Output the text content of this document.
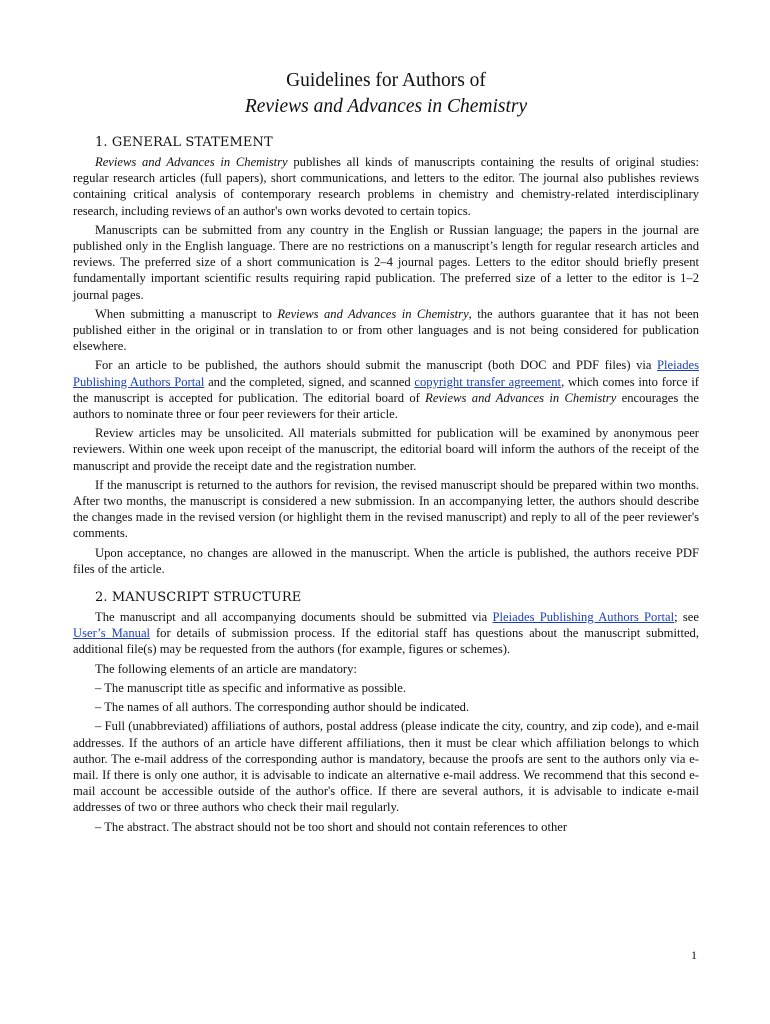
Guidelines for Authors of
Reviews and Advances in Chemistry
1. GENERAL STATEMENT

Reviews and Advances in Chemistry publishes all kinds of manuscripts containing the results of original studies: regular research articles (full papers), short communications, and letters to the editor. The journal also publishes reviews containing critical analysis of contemporary research problems in chemistry and chemistry-related interdisciplinary research, including reviews of an author's own works devoted to certain topics.

Manuscripts can be submitted from any country in the English or Russian language; the papers in the journal are published only in the English language. There are no restrictions on a manuscript’s length for regular research articles and reviews. The preferred size of a short communication is 2–4 journal pages. Letters to the editor should briefly present fundamentally important scientific results requiring rapid publication. The preferred size of a letter to the editor is 1–2 journal pages.

When submitting a manuscript to Reviews and Advances in Chemistry, the authors guarantee that it has not been published either in the original or in translation to or from other languages and is not being considered for publication elsewhere.

For an article to be published, the authors should submit the manuscript (both DOC and PDF files) via Pleiades Publishing Authors Portal and the completed, signed, and scanned copyright transfer agreement, which comes into force if the manuscript is accepted for publication. The editorial board of Reviews and Advances in Chemistry encourages the authors to nominate three or four peer reviewers for their article.

Review articles may be unsolicited. All materials submitted for publication will be examined by anonymous peer reviewers. Within one week upon receipt of the manuscript, the editorial board will inform the authors of the receipt of the manuscript and provide the receipt date and the registration number.

If the manuscript is returned to the authors for revision, the revised manuscript should be prepared within two months. After two months, the manuscript is considered a new submission. In an accompanying letter, the authors should describe the changes made in the revised version (or highlight them in the revised manuscript) and reply to all of the peer reviewer's comments.

Upon acceptance, no changes are allowed in the manuscript. When the article is published, the authors receive PDF files of the article.

2. MANUSCRIPT STRUCTURE

The manuscript and all accompanying documents should be submitted via Pleiades Publishing Authors Portal; see User’s Manual for details of submission process. If the editorial staff has questions about the manuscript submitted, additional file(s) may be requested from the authors (for example, figures or schemes).

The following elements of an article are mandatory:

– The manuscript title as specific and informative as possible.

– The names of all authors. The corresponding author should be indicated.

– Full (unabbreviated) affiliations of authors, postal address (please indicate the city, country, and zip code), and e-mail addresses. If the authors of an article have different affiliations, then it must be clear which affiliation belongs to which author. The e-mail address of the corresponding author is mandatory, because the proofs are sent to the authors only via e-mail. If there is only one author, it is advisable to indicate an alternative e-mail address. We recommend that this second e-mail account be accessible outside of the author's office. If there are several authors, it is advisable to indicate e-mail addresses of two or three authors who check their mail regularly.

– The abstract. The abstract should not be too short and should not contain references to other

1
